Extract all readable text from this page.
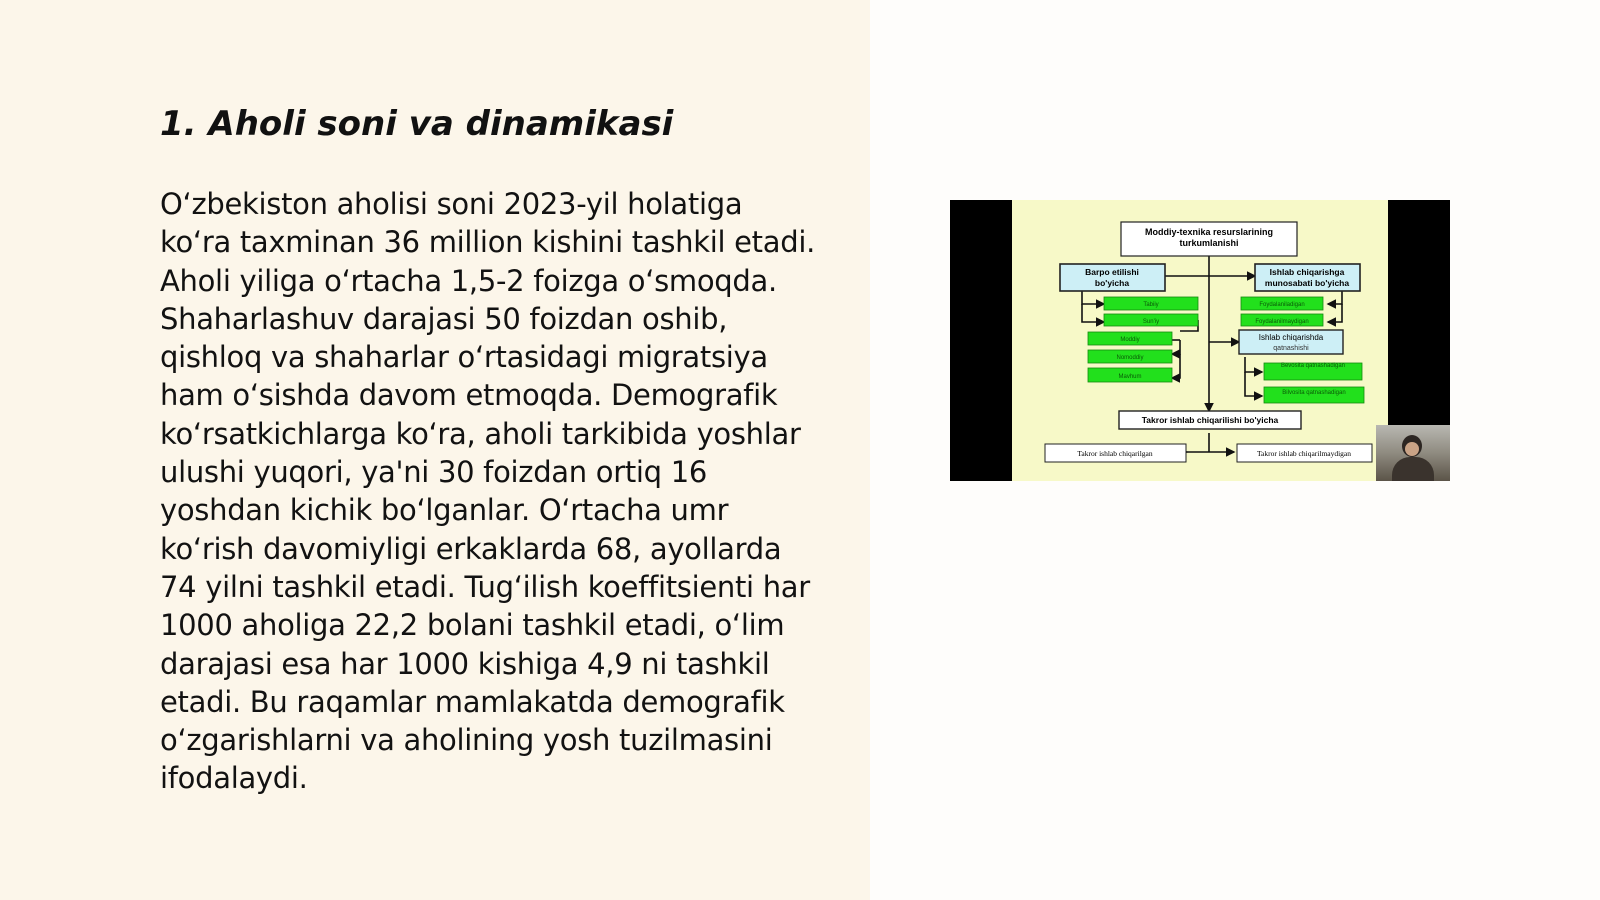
1. Aholi soni va dinamikasi

O‘zbekiston aholisi soni 2023-yil holatiga ko‘ra taxminan 36 million kishini tashkil etadi. Aholi yiliga o‘rtacha 1,5-2 foizga o‘smoqda. Shaharlashuv darajasi 50 foizdan oshib, qishloq va shaharlar o‘rtasidagi migratsiya ham o‘sishda davom etmoqda. Demografik ko‘rsatkichlarga ko‘ra, aholi tarkibida yoshlar ulushi yuqori, ya'ni 30 foizdan ortiq 16 yoshdan kichik bo‘lganlar. O‘rtacha umr ko‘rish davomiyligi erkaklarda 68, ayollarda 74 yilni tashkil etadi. Tug‘ilish koeffitsienti har 1000 aholiga 22,2 bolani tashkil etadi, o‘lim darajasi esa har 1000 kishiga 4,9 ni tashkil etadi. Bu raqamlar mamlakatda demografik o‘zgarishlarni va aholining yosh tuzilmasini ifodalaydi.

Moddiy-texnika resurslarining
turkumlanishi
Barpo etilishi
bo'yicha
Ishlab chiqarishga
munosabati bo'yicha
Tabiiy
Sun'iy
Moddiy
Nomoddiy
Mavhum
Foydalaniladigan
Foydalanilmaydigan
Bevosita qatnashadigan
Bilvosita qatnashadigan
Ishlab chiqarishda
qatnashishi
Takror ishlab chiqarilishi bo'yicha
Takror ishlab chiqarilgan	Takror ishlab chiqarilmaydigan
